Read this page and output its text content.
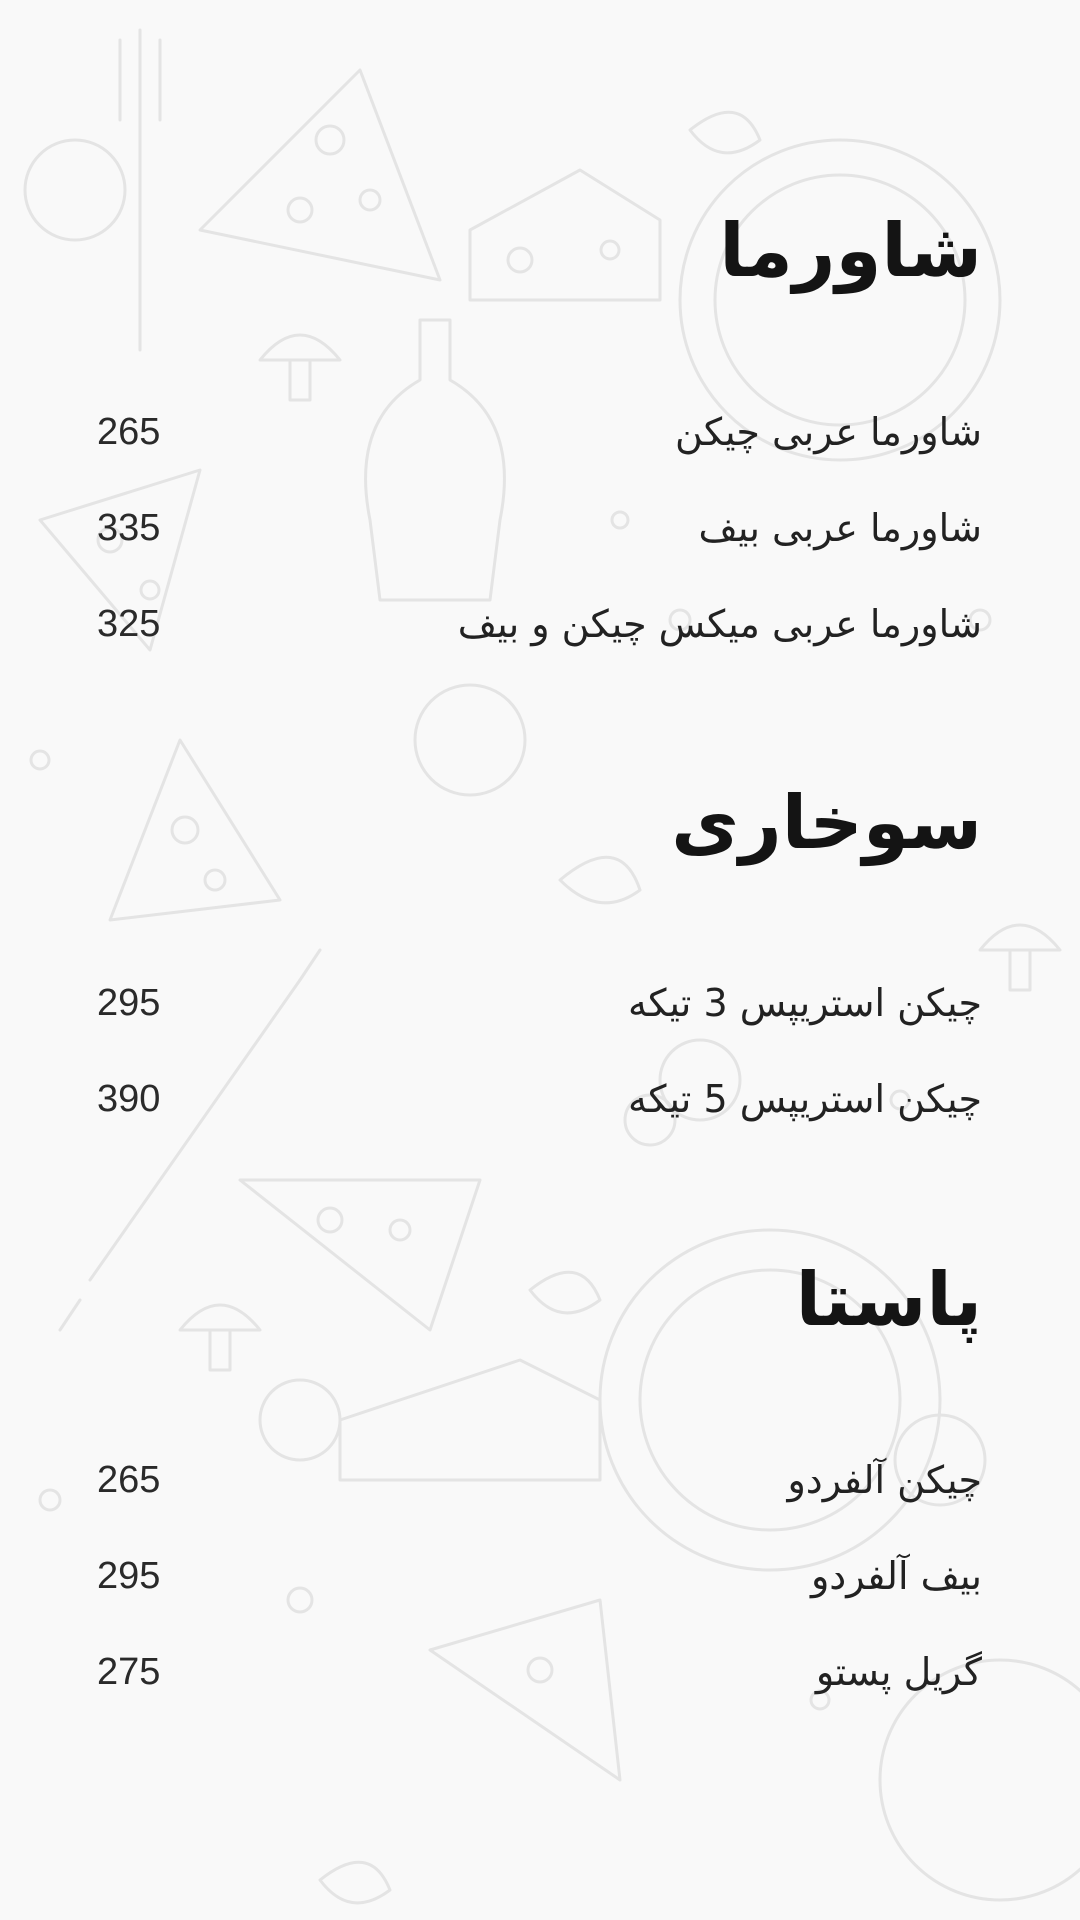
شاورما
شاورما عربی چیکن
265
شاورما عربی بیف
335
شاورما عربی میکس چیکن و بیف
325
سوخاری
چیکن استریپس 3 تیکه
295
چیکن استریپس 5 تیکه
390
پاستا
چیکن آلفردو
265
بیف آلفردو
295
گریل پستو
275
